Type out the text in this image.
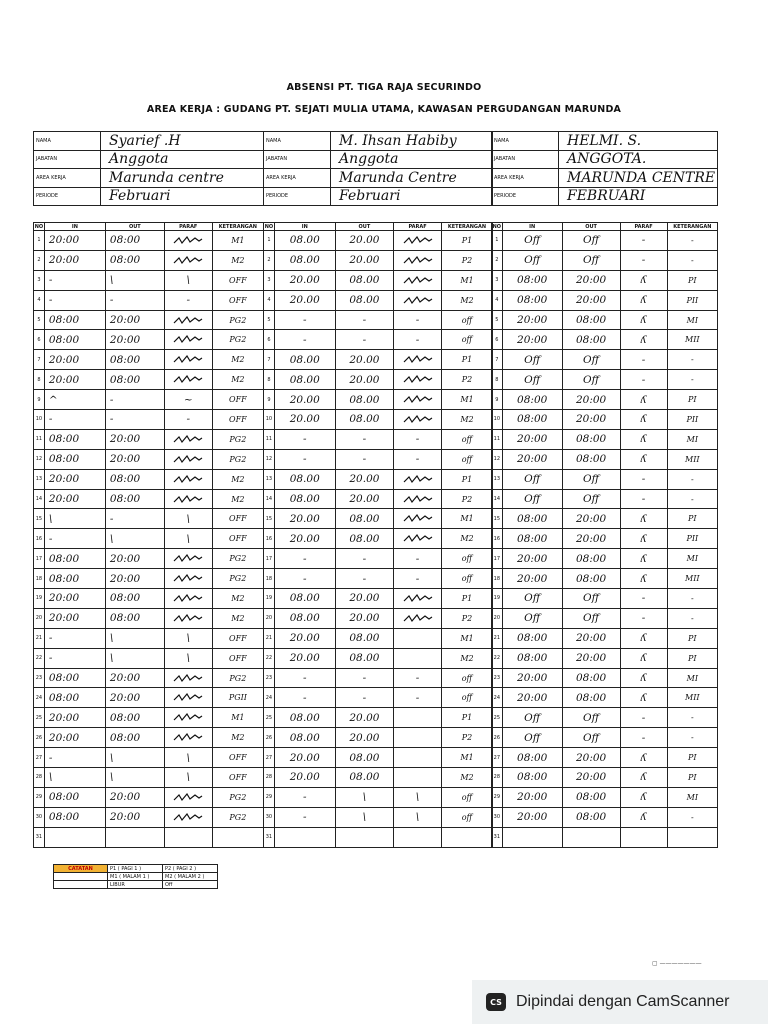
ABSENSI PT. TIGA RAJA SECURINDO
AREA KERJA : GUDANG PT. SEJATI MULIA UTAMA, KAWASAN PERGUDANGAN MARUNDA
NAMA	Syarief .H
JABATAN	Anggota
AREA KERJA	Marunda centre
PERIODE	Februari
NO	IN	OUT	PARAF	KETERANGAN
1	20:00	08:00		M1
2	20:00	08:00		M2
3	-	\	\	OFF
4	-	-	-	OFF
5	08:00	20:00		PG2
6	08:00	20:00		PG2
7	20:00	08:00		M2
8	20:00	08:00		M2
9	^	-	~	OFF
10	-	-	-	OFF
11	08:00	20:00		PG2
12	08:00	20:00		PG2
13	20:00	08:00		M2
14	20:00	08:00		M2
15	\	-	\	OFF
16	-	\	\	OFF
17	08:00	20:00		PG2
18	08:00	20:00		PG2
19	20:00	08:00		M2
20	20:00	08:00		M2
21	-	\	\	OFF
22	-	\	\	OFF
23	08:00	20:00		PG2
24	08:00	20:00		PGII
25	20:00	08:00		M1
26	20:00	08:00		M2
27	-	\	\	OFF
28	\	\	\	OFF
29	08:00	20:00		PG2
30	08:00	20:00		PG2
31				
NAMA	M. Ihsan Habiby
JABATAN	Anggota
AREA KERJA	Marunda Centre
PERIODE	Februari
NO	IN	OUT	PARAF	KETERANGAN
1	08.00	20.00		P1
2	08.00	20.00		P2
3	20.00	08.00		M1
4	20.00	08.00		M2
5	-	-	-	off
6	-	-	-	off
7	08.00	20.00		P1
8	08.00	20.00		P2
9	20.00	08.00		M1
10	20.00	08.00		M2
11	-	-	-	off
12	-	-	-	off
13	08.00	20.00		P1
14	08.00	20.00		P2
15	20.00	08.00		M1
16	20.00	08.00		M2
17	-	-	-	off
18	-	-	-	off
19	08.00	20.00		P1
20	08.00	20.00		P2
21	20.00	08.00		M1
22	20.00	08.00		M2
23	-	-	-	off
24	-	-	-	off
25	08.00	20.00		P1
26	08.00	20.00		P2
27	20.00	08.00		M1
28	20.00	08.00		M2
29	-	\	\	off
30	-	\	\	off
31				
NAMA	HELMI. S.
JABATAN	ANGGOTA.
AREA KERJA	MARUNDA CENTRE
PERIODE	FEBRUARI
NO	IN	OUT	PARAF	KETERANGAN
1	Off	Off	-	-
2	Off	Off	-	-
3	08:00	20:00	ʎ	PI
4	08:00	20:00	ʎ	PII
5	20:00	08:00	ʎ	MI
6	20:00	08:00	ʎ	MII
7	Off	Off	-	-
8	Off	Off	-	-
9	08:00	20:00	ʎ	PI
10	08:00	20:00	ʎ	PII
11	20:00	08:00	ʎ	MI
12	20:00	08:00	ʎ	MII
13	Off	Off	-	-
14	Off	Off	-	-
15	08:00	20:00	ʎ	PI
16	08:00	20:00	ʎ	PII
17	20:00	08:00	ʎ	MI
18	20:00	08:00	ʎ	MII
19	Off	Off	-	-
20	Off	Off	-	-
21	08:00	20:00	ʎ	PI
22	08:00	20:00	ʎ	PI
23	20:00	08:00	ʎ	MI
24	20:00	08:00	ʎ	MII
25	Off	Off	-	-
26	Off	Off	-	-
27	08:00	20:00	ʎ	PI
28	08:00	20:00	ʎ	PI
29	20:00	08:00	ʎ	MI
30	20:00	08:00	ʎ	-
31				
CATATAN	P1 ( PAGI 1 )	P2 ( PAGI 2 )
	M1 ( MALAM 1 )	M2 ( MALAM 2 )
	LIBUR	Off
▢ ———————
CS Dipindai dengan CamScanner
